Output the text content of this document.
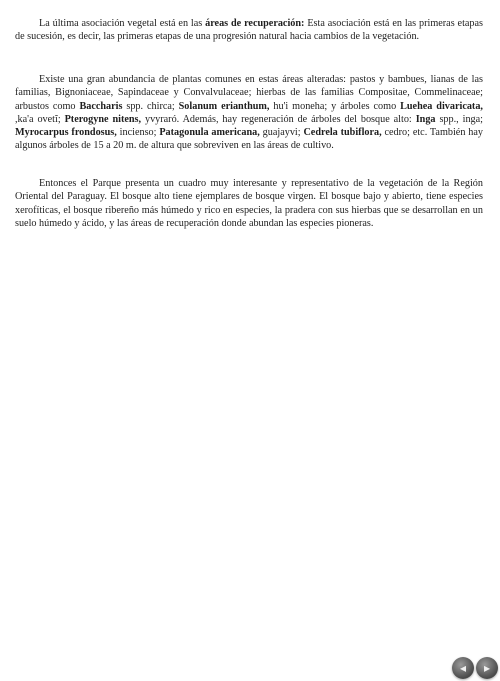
La última asociación vegetal está en las áreas de recuperación: Esta asociación está en las primeras etapas de sucesión, es decir, las primeras etapas de una progresión natural hacia cambios de la vegetación.

Existe una gran abundancia de plantas comunes en estas áreas alteradas: pastos y bambues, lianas de las familias, Bignoniaceae, Sapindaceae y Convalvulaceae; hierbas de las familias Compositae, Commelinaceae; arbustos como Baccharis spp. chirca; Solanum erianthum, hu'i moneha; y árboles como Luehea divaricata, ,ka'a ovetĩ; Pterogyne nitens, yvyraró. Además, hay regeneración de árboles del bosque alto: Inga spp., inga; Myrocarpus frondosus, incienso; Patagonula americana, guajayvi; Cedrela tubiflora, cedro; etc. También hay algunos árboles de 15 a 20 m. de altura que sobreviven en las áreas de cultivo.

Entonces el Parque presenta un cuadro muy interesante y representativo de la vegetación de la Región Oriental del Paraguay. El bosque alto tiene ejemplares de bosque virgen. El bosque bajo y abierto, tiene especies xerofíticas, el bosque ribereño más húmedo y rico en especies, la pradera con sus hierbas que se desarrollan en un suelo húmedo y ácido, y las áreas de recuperación donde abundan las especies pioneras.

◂ ▸
